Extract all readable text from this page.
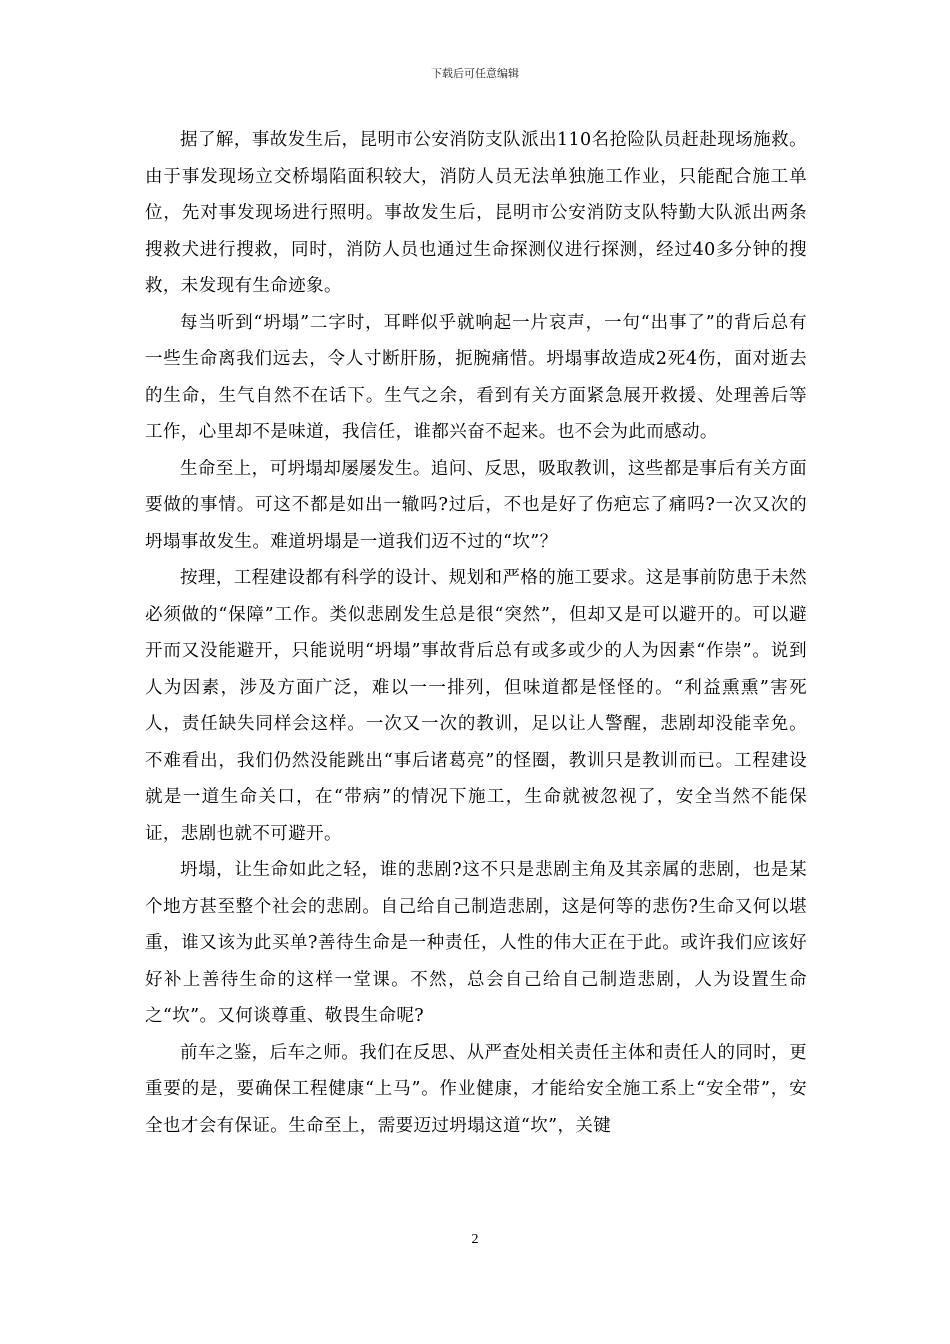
下载后可任意编辑

据了解，事故发生后，昆明市公安消防支队派出110名抢险队员赶赴现场施救。由于事发现场立交桥塌陷面积较大，消防人员无法单独施工作业，只能配合施工单位，先对事发现场进行照明。事故发生后，昆明市公安消防支队特勤大队派出两条搜救犬进行搜救，同时，消防人员也通过生命探测仪进行探测，经过40多分钟的搜救，未发现有生命迹象。

每当听到“坍塌”二字时，耳畔似乎就响起一片哀声，一句“出事了”的背后总有一些生命离我们远去，令人寸断肝肠，扼腕痛惜。坍塌事故造成2死4伤，面对逝去的生命，生气自然不在话下。生气之余，看到有关方面紧急展开救援、处理善后等工作，心里却不是味道，我信任，谁都兴奋不起来。也不会为此而感动。

生命至上，可坍塌却屡屡发生。追问、反思，吸取教训，这些都是事后有关方面要做的事情。可这不都是如出一辙吗?过后，不也是好了伤疤忘了痛吗?一次又次的坍塌事故发生。难道坍塌是一道我们迈不过的“坎”？

按理，工程建设都有科学的设计、规划和严格的施工要求。这是事前防患于未然必须做的“保障”工作。类似悲剧发生总是很“突然”，但却又是可以避开的。可以避开而又没能避开，只能说明“坍塌”事故背后总有或多或少的人为因素“作崇”。说到人为因素，涉及方面广泛，难以一一排列，但味道都是怪怪的。“利益熏熏”害死人，责任缺失同样会这样。一次又一次的教训，足以让人警醒，悲剧却没能幸免。不难看出，我们仍然没能跳出“事后诸葛亮”的怪圈，教训只是教训而已。工程建设就是一道生命关口，在“带病”的情况下施工，生命就被忽视了，安全当然不能保证，悲剧也就不可避开。

坍塌，让生命如此之轻，谁的悲剧?这不只是悲剧主角及其亲属的悲剧，也是某个地方甚至整个社会的悲剧。自己给自己制造悲剧，这是何等的悲伤?生命又何以堪重，谁又该为此买单?善待生命是一种责任，人性的伟大正在于此。或许我们应该好好补上善待生命的这样一堂课。不然，总会自己给自己制造悲剧，人为设置生命之“坎”。又何谈尊重、敬畏生命呢?

前车之鉴，后车之师。我们在反思、从严查处相关责任主体和责任人的同时，更重要的是，要确保工程健康“上马”。作业健康，才能给安全施工系上“安全带”，安全也才会有保证。生命至上，需要迈过坍塌这道“坎”，关键

2
